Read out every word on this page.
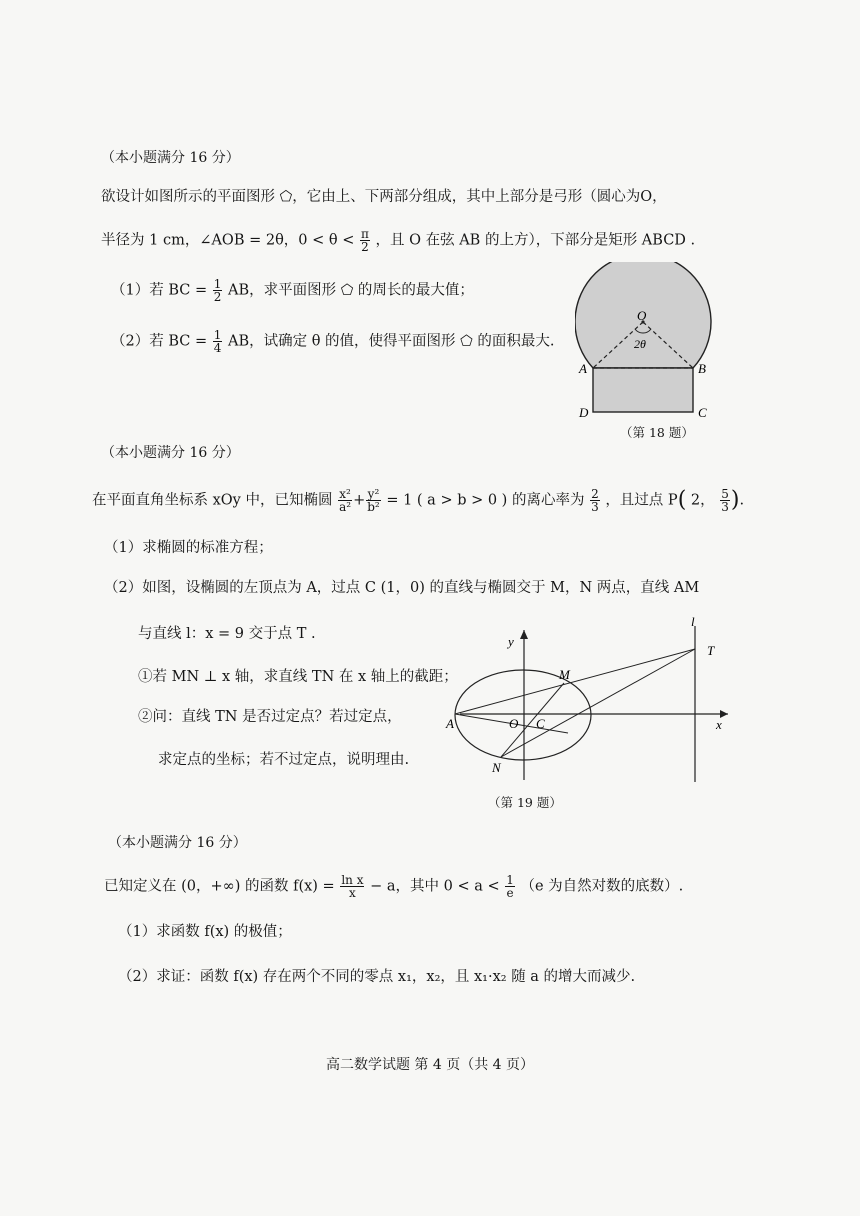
（本小题满分 16 分）
欲设计如图所示的平面图形 ⬠，它由上、下两部分组成，其中上部分是弓形（圆心为O，
半径为 1 cm，∠AOB = 2θ，$0 < \theta < \frac{\pi}{2}$ ，且 O 在弦 AB 的上方），下部分是矩形 ABCD .
（1）若 BC = $\frac{1}{2}$ AB，求平面图形 ⬠ 的周长的最大值；
（2）若 BC = $\frac{1}{4}$ AB，试确定 θ 的值，使得平面图形 ⬠ 的面积最大.
O
2θ
A	B
C
D
（第 18 题）
（本小题满分 16 分）
在平面直角坐标系 xOy 中，已知椭圆 $\frac{\text{x²}}{\text{a²}} + \frac{\text{y²}}{\text{b²}} = 1$ ( a > b > 0 ) 的离心率为 $\frac{2}{3}$ ，且过点 P( 2， $\frac{5}{3}$ ).
（1）求椭圆的标准方程；
（2）如图，设椭圆的左顶点为 A，过点 C (1，0) 的直线与椭圆交于 M，N 两点，直线 AM
与直线 l：x = 9 交于点 T .
①若 MN ⊥ x 轴，求直线 TN 在 x 轴上的截距；
②问：直线 TN 是否过定点？若过定点，
求定点的坐标；若不过定点，说明理由.
y
x
l
T
M
A	O C
N
（第 19 题）
（本小题满分 16 分）
已知定义在 (0，+∞) 的函数 $f(x) = \frac{\text{ln x}}{x} - a$，其中 $0 < a < \frac{1}{e} (e$ 为自然对数的底数）.
（1）求函数 f(x) 的极值；
（2）求证：函数 f(x) 存在两个不同的零点 x₁，x₂，且 x₁·x₂ 随 a 的增大而减少.
高二数学试题 第 4 页（共 4 页）
